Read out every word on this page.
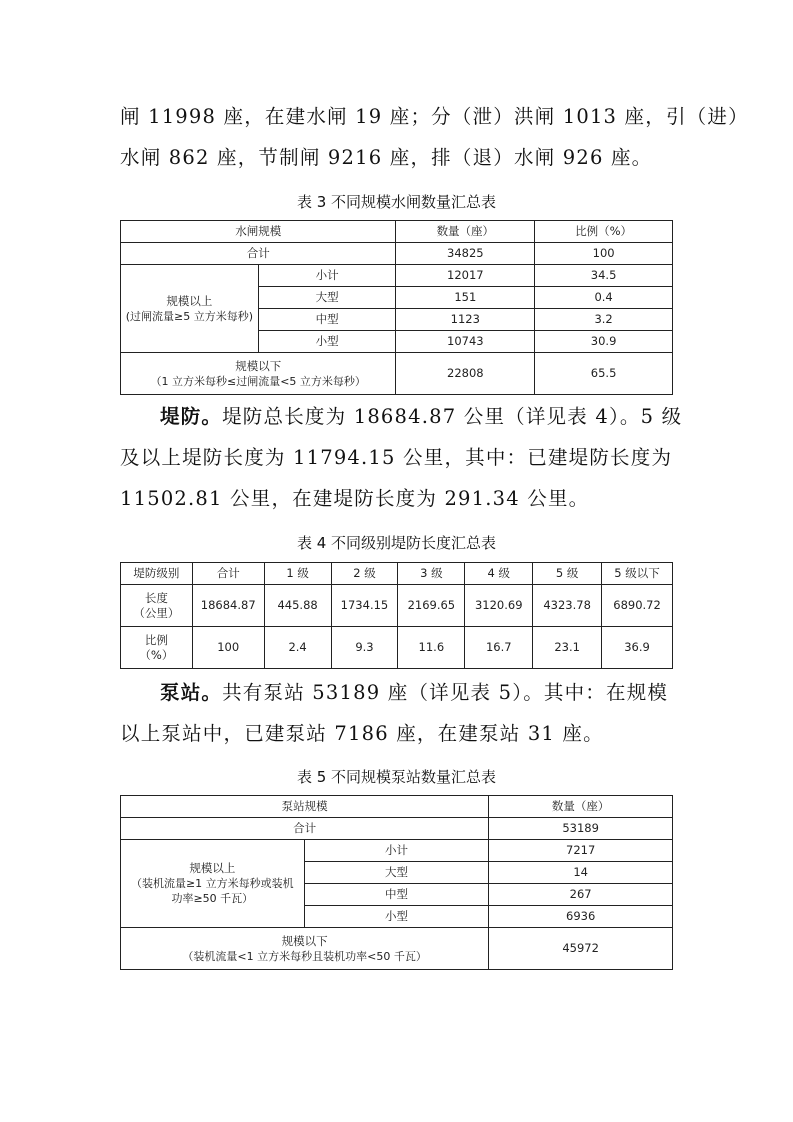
闸 11998 座，在建水闸 19 座；分（泄）洪闸 1013 座，引（进）

水闸 862 座，节制闸 9216 座，排（退）水闸 926 座。

表 3 不同规模水闸数量汇总表
水闸规模		数量（座）	比例（%）
合计		34825	100

规模以上
(过闸流量≥5 立方米每秒)	小计	12017	34.5
	大型	151	0.4
	中型	1123	3.2
	小型	10743	30.9

规模以下
（1 立方米每秒≤过闸流量<5 立方米每秒）		22808	65.5

堤防。堤防总长度为 18684.87 公里（详见表 4）。5 级

及以上堤防长度为 11794.15 公里，其中：已建堤防长度为

11502.81 公里，在建堤防长度为 291.34 公里。

表 4 不同级别堤防长度汇总表
堤防级别	合计	1 级	2 级	3 级	4 级	5 级	5 级以下

长度
（公里）	18684.87	445.88	1734.15	2169.65	3120.69	4323.78	6890.72

比例
（%）	100	2.4	9.3	11.6	16.7	23.1	36.9

泵站。共有泵站 53189 座（详见表 5）。其中：在规模

以上泵站中，已建泵站 7186 座，在建泵站 31 座。

表 5 不同规模泵站数量汇总表
泵站规模		数量（座）
合计		53189

规模以上
（装机流量≥1 立方米每秒或装机
功率≥50 千瓦）	小计	7217
	大型	14
	中型	267
	小型	6936

规模以下
（装机流量<1 立方米每秒且装机功率<50 千瓦）		45972
